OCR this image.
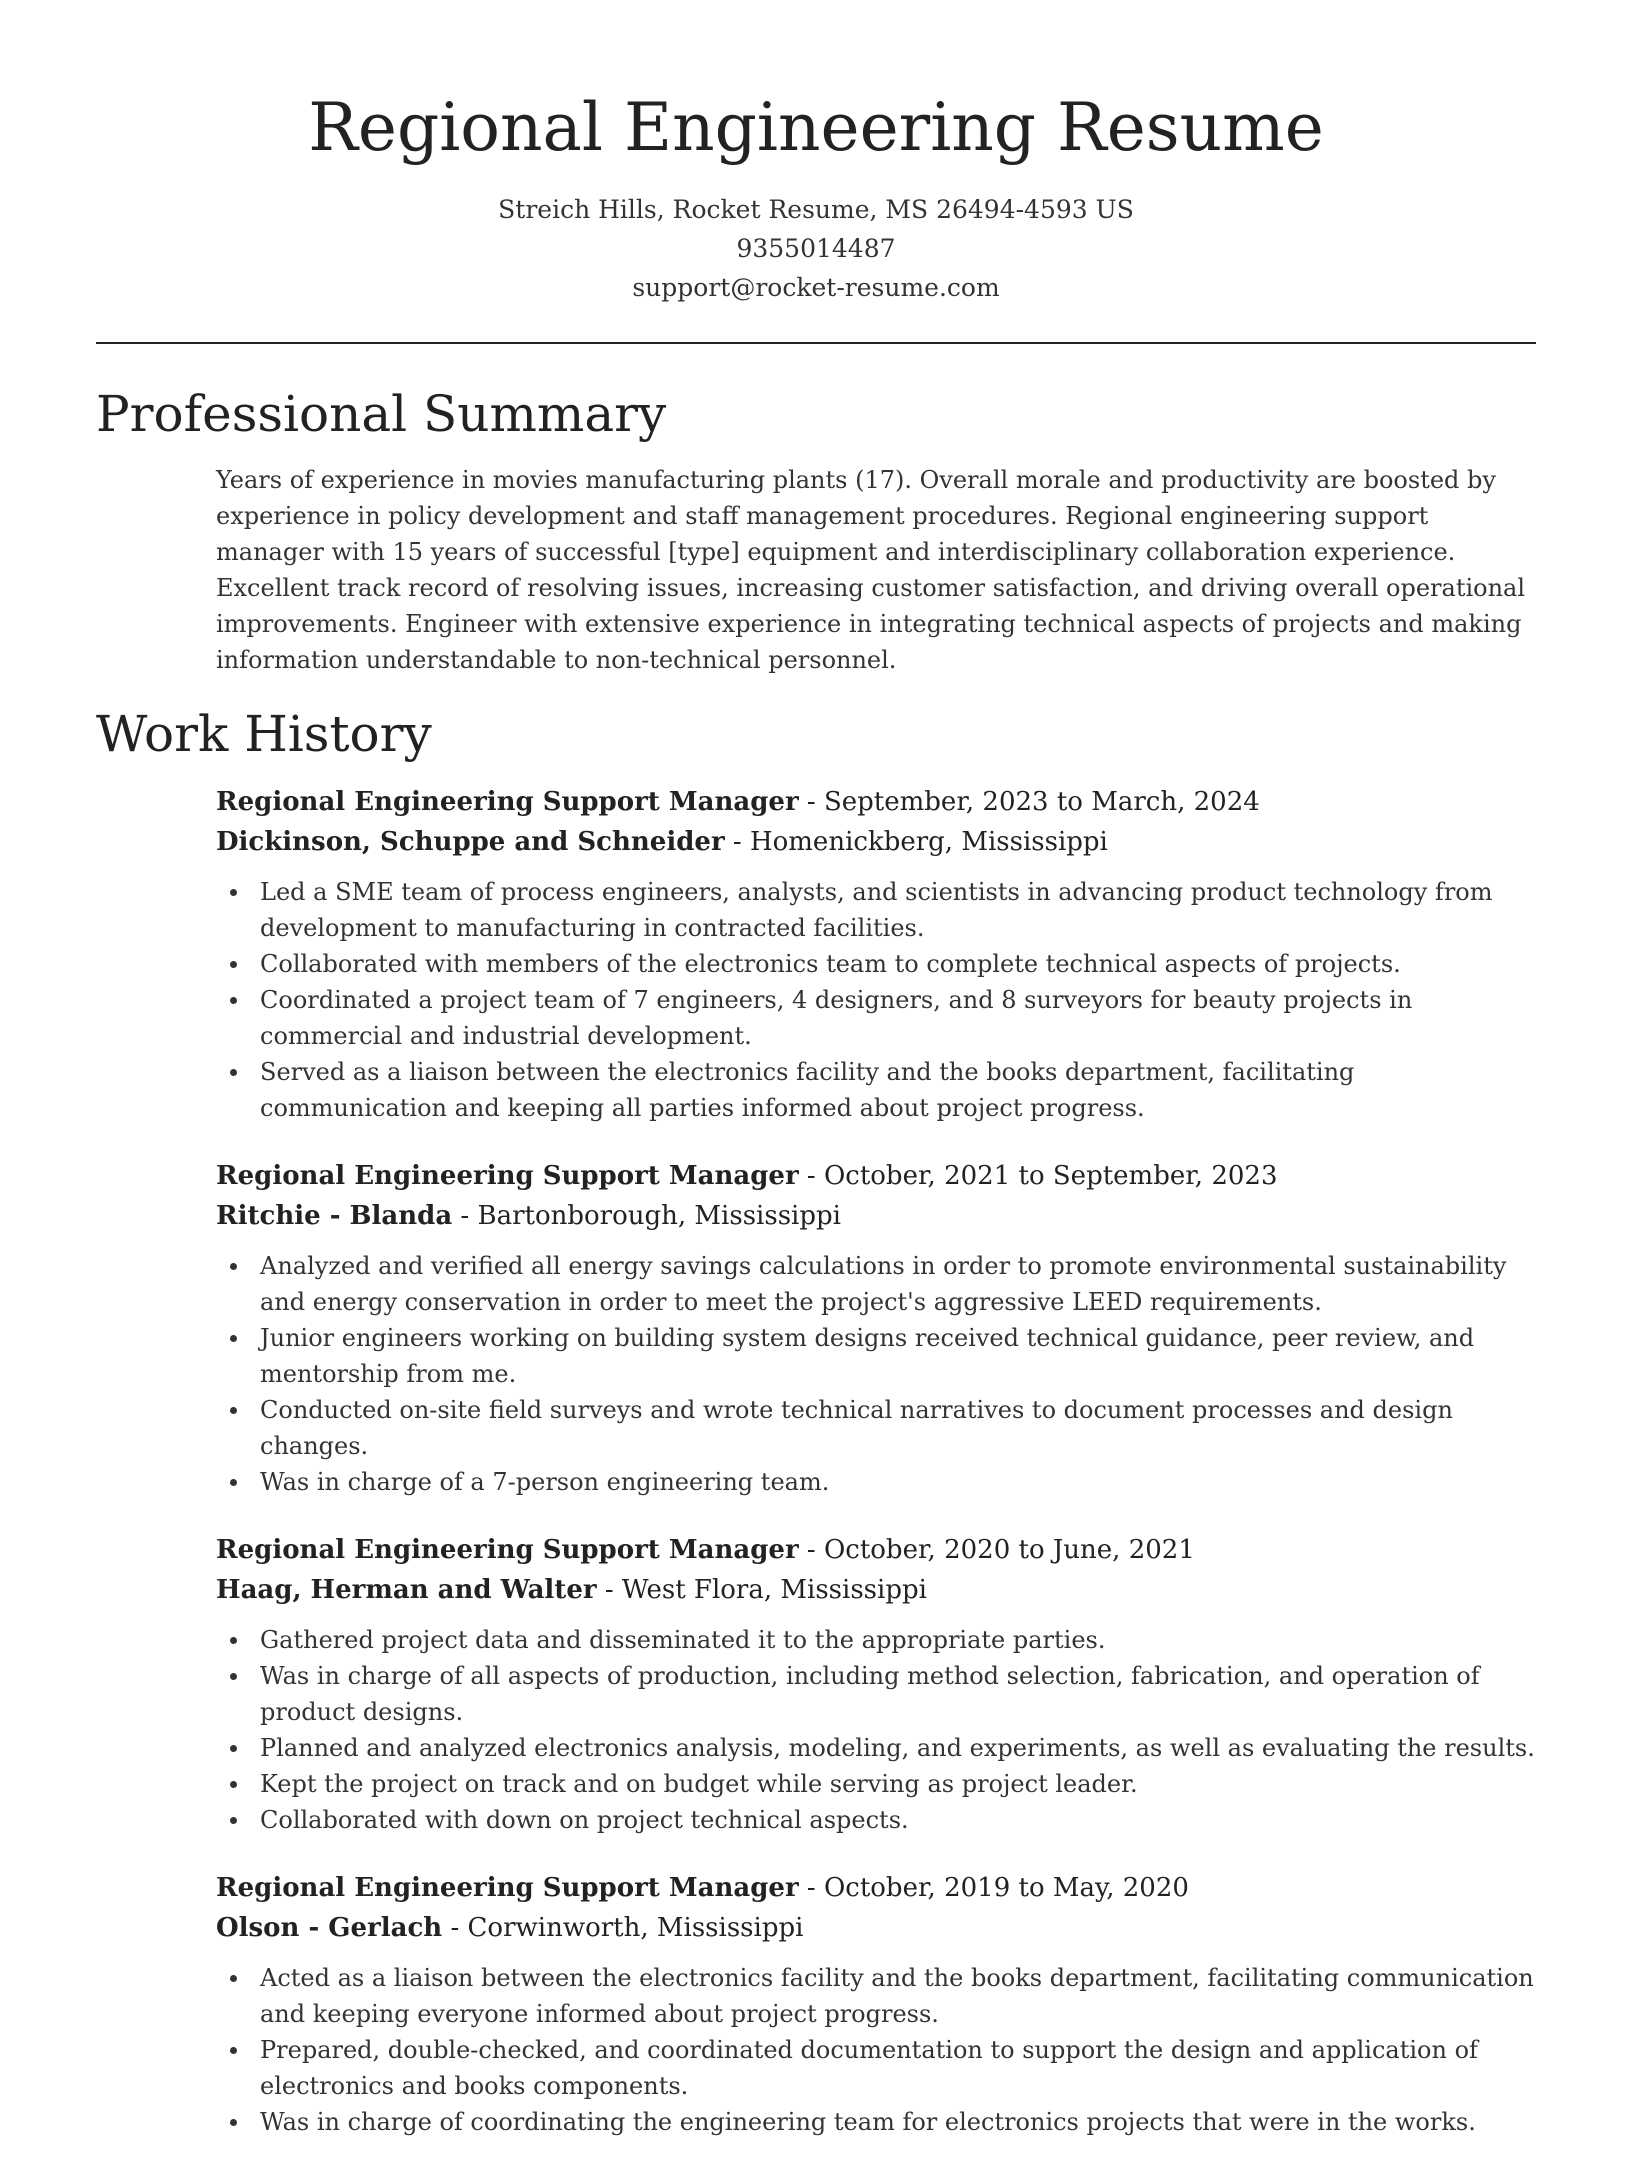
Regional Engineering Resume
Streich Hills, Rocket Resume, MS 26494-4593 US
9355014487
support@rocket-resume.com
Professional Summary

Years of experience in movies manufacturing plants (17). Overall morale and productivity are boosted by experience in policy development and staff management procedures. Regional engineering support manager with 15 years of successful [type] equipment and interdisciplinary collaboration experience. Excellent track record of resolving issues, increasing customer satisfaction, and driving overall operational improvements. Engineer with extensive experience in integrating technical aspects of projects and making information understandable to non-technical personnel.

Work History

Regional Engineering Support Manager - September, 2023 to March, 2024

Dickinson, Schuppe and Schneider - Homenickberg, Mississippi

Led a SME team of process engineers, analysts, and scientists in advancing product technology from development to manufacturing in contracted facilities.
Collaborated with members of the electronics team to complete technical aspects of projects.
Coordinated a project team of 7 engineers, 4 designers, and 8 surveyors for beauty projects in commercial and industrial development.
Served as a liaison between the electronics facility and the books department, facilitating communication and keeping all parties informed about project progress.

Regional Engineering Support Manager - October, 2021 to September, 2023

Ritchie - Blanda - Bartonborough, Mississippi

Analyzed and verified all energy savings calculations in order to promote environmental sustainability and energy conservation in order to meet the project's aggressive LEED requirements.
Junior engineers working on building system designs received technical guidance, peer review, and mentorship from me.
Conducted on-site field surveys and wrote technical narratives to document processes and design changes.
Was in charge of a 7-person engineering team.

Regional Engineering Support Manager - October, 2020 to June, 2021

Haag, Herman and Walter - West Flora, Mississippi

Gathered project data and disseminated it to the appropriate parties.
Was in charge of all aspects of production, including method selection, fabrication, and operation of product designs.
Planned and analyzed electronics analysis, modeling, and experiments, as well as evaluating the results.
Kept the project on track and on budget while serving as project leader.
Collaborated with down on project technical aspects.

Regional Engineering Support Manager - October, 2019 to May, 2020

Olson - Gerlach - Corwinworth, Mississippi

Acted as a liaison between the electronics facility and the books department, facilitating communication and keeping everyone informed about project progress.
Prepared, double-checked, and coordinated documentation to support the design and application of electronics and books components.
Was in charge of coordinating the engineering team for electronics projects that were in the works.
